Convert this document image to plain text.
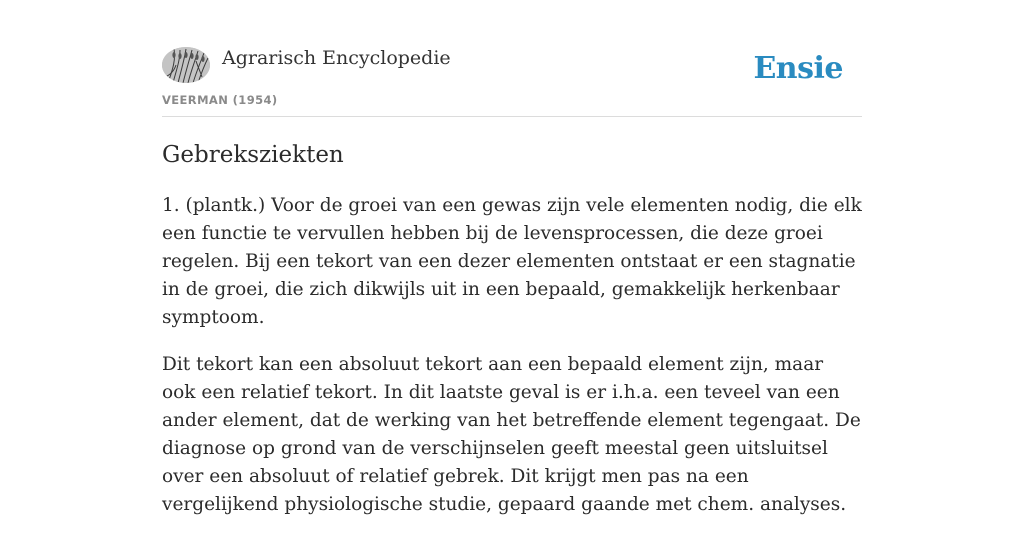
Agrarisch Encyclopedie
VEERMAN (1954)
Ensie
Gebreksziekten

1. (plantk.) Voor de groei van een gewas zijn vele elementen nodig, die elk een functie te vervullen hebben bij de levensprocessen, die deze groei regelen. Bij een tekort van een dezer elementen ontstaat er een stagnatie in de groei, die zich dikwijls uit in een bepaald, gemakkelijk herkenbaar symptoom.

Dit tekort kan een absoluut tekort aan een bepaald element zijn, maar ook een relatief tekort. In dit laatste geval is er i.h.a. een teveel van een ander element, dat de werking van het betreffende element tegengaat. De diagnose op grond van de verschijnselen geeft meestal geen uitsluitsel over een absoluut of relatief gebrek. Dit krijgt men pas na een vergelijkend physiologische studie, gepaard gaande met chem. analyses.
